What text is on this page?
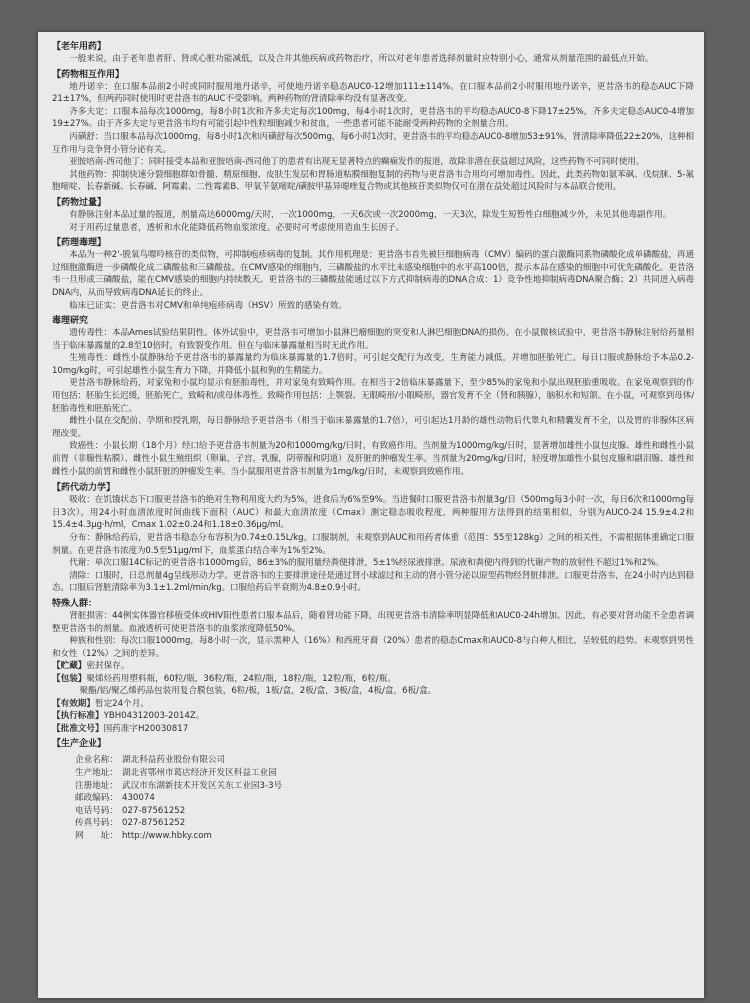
【老年用药】

一般来说，由于老年患者肝、肾或心脏功能减低，以及合并其他疾病或药物治疗，所以对老年患者选择剂量时应特别小心，通常从剂量范围的最低点开始。

【药物相互作用】

地丹诺辛：在口服本品前2小时或同时服用地丹诺辛，可使地丹诺辛稳态AUC0-12增加111±114%。在口服本品前2小时服用地丹诺辛，更昔洛韦的稳态AUC下降21±17%，但两药同时使用时更昔洛韦的AUC不受影响。两种药物的肾清除率均没有显著改变。

齐多夫定：口服本品每次1000mg，每8小时1次和齐多夫定每次100mg，每4小时1次时，更昔洛韦的平均稳态AUC0-8下降17±25%，齐多夫定稳态AUC0-4增加19±27%。由于齐多夫定与更昔洛韦均有可能引起中性粒细胞减少和贫血，一些患者可能不能耐受两种药物的全剂量合用。

丙磺舒：当口服本品每次1000mg，每8小时1次和丙磺舒每次500mg，每6小时1次时，更昔洛韦的平均稳态AUC0-8增加53±91%，肾清除率降低22±20%，这种相互作用与竞争肾小管分泌有关。

亚胺培南-西司他丁：同时接受本品和亚胺培南-西司他丁的患者有出现无显著特点的癫痫发作的报道，故除非潜在获益超过风险，这些药物不可同时使用。

其他药物：抑制快速分裂细胞群如骨髓、精原细胞、皮肤生发层和胃肠道粘膜细胞复制的药物与更昔洛韦合用均可增加毒性。因此，此类药物如氨苯砜、戊烷脒、5-氟胞嘧啶、长春新碱、长春碱、阿霉素、二性霉素B、甲氧苄氨嘧啶/磺胺甲基异噁唑复合物或其他核苷类似物仅可在潜在益处超过风险时与本品联合使用。

【药物过量】

有静脉注射本品过量的报道，剂量高达6000mg/天时，一次1000mg，一天6次或一次2000mg，一天3次，除发生短暂性白细胞减少外，未见其他毒副作用。

对于用药过量患者，透析和水化能降低药物血浆浓度。必要时可考虑使用造血生长因子。

【药理毒理】

本品为一种2'-脱氧鸟嘌呤核苷的类似物，可抑制疱疹病毒的复制。其作用机理是：更昔洛韦首先被巨细胞病毒（CMV）编码的蛋白激酶同系物磷酸化成单磷酸盐，再通过细胞激酶进一步磷酸化成二磷酸盐和三磷酸盐。在CMV感染的细胞内，三磷酸盐的水平比未感染细胞中的水平高100倍，提示本品在感染的细胞中可优先磷酸化。更昔洛韦一旦形成三磷酸盐，能在CMV感染的细胞内持续数天。更昔洛韦的三磷酸盐能通过以下方式抑制病毒的DNA合成：1）竞争性地抑制病毒DNA聚合酶；2）共同进入病毒DNA内，从而导致病毒DNA延长的终止。

临床已证实：更昔洛韦对CMV和单纯疱疹病毒（HSV）所致的感染有效。

毒理研究

遗传毒性：本品Ames试验结果阴性。体外试验中，更昔洛韦可增加小鼠淋巴瘤细胞的突变和人淋巴细胞DNA的损伤。在小鼠微核试验中，更昔洛韦静脉注射给药量相当于临床暴露量的2.8至10倍时，有致裂变作用。但在与临床暴露量相当时无此作用。

生殖毒性：雌性小鼠静脉给予更昔洛韦的暴露量约为临床暴露量的1.7倍时，可引起交配行为改变，生育能力减低，并增加胚胎死亡。每日口服或静脉给予本品0.2-10mg/kg时，可引起雄性小鼠生育力下降，并降低小鼠和狗的生精能力。

更昔洛韦静脉给药，对家兔和小鼠均显示有胚胎毒性，并对家兔有致畸作用。在相当于2倍临床暴露量下，至少85%的家兔和小鼠出现胚胎重吸收。在家兔观察到的作用包括：胚胎生长迟缓，胚胎死亡，致畸和/或母体毒性。致畸作用包括：上颚裂、无眼畸形/小眼畸形，器官发育不全（肾和胰腺），脑积水和短颌。在小鼠，可观察到母体/胚胎毒性和胚胎死亡。

雌性小鼠在交配前、孕期和授乳期，每日静脉给予更昔洛韦（相当于临床暴露量的1.7倍），可引起达1月龄的雄性动物后代睾丸和精囊发育不全，以及胃的非腺体区病理改变。

致癌性：小鼠长期（18个月）经口给予更昔洛韦剂量为20和1000mg/kg/日时，有致癌作用。当剂量为1000mg/kg/日时，显著增加雄性小鼠包皮腺、雄性和雌性小鼠前胃（非腺性粘膜）、雌性小鼠生殖组织（卵巢，子宫，乳腺，阴蒂腺和阴道）及肝脏的肿瘤发生率。当剂量为20mg/kg/日时，轻度增加雄性小鼠包皮腺和副泪腺、雄性和雌性小鼠的前胃和雌性小鼠肝脏的肿瘤发生率。当小鼠服用更昔洛韦剂量为1mg/kg/日时，未观察到致癌作用。

【药代动力学】

吸收：在饥饿状态下口服更昔洛韦的绝对生物利用度大约为5%，进食后为6%至9%。当进餐时口服更昔洛韦剂量3g/日（500mg每3小时一次，每日6次和1000mg每日3次），用24小时血清浓度时间曲线下面积（AUC）和最大血清浓度（Cmax）测定稳态吸收程度，两种服用方法得到的结果相似，分别为AUC0-24 15.9±4.2和15.4±4.3μg·h/ml，Cmax 1.02±0.24和1.18±0.36μg/ml。

分布：静脉给药后，更昔洛韦稳态分布容积为0.74±0.15L/kg。口服制剂，未观察到AUC和用药者体重（范围：55至128kg）之间的相关性，不需根据体重确定口服剂量。在更昔洛韦浓度为0.5至51μg/ml下，血浆蛋白结合率为1%至2%。

代谢：单次口服14C标记的更昔洛韦1000mg后，86±3%的服用量经粪便排泄，5±1%经尿液排泄。尿液和粪便内得到的代谢产物的放射性不超过1%和2%。

清除：口服时，日总剂量4g呈线形动力学。更昔洛韦的主要排泄途径是通过肾小球滤过和主动的肾小管分泌以原型药物经肾脏排泄。口服更昔洛韦，在24小时内达到稳态。口服后肾脏清除率为3.1±1.2ml/min/kg。口服给药后半衰期为4.8±0.9小时。

特殊人群：

肾脏损害：44例实体器官移植受体或HIV阳性患者口服本品后，随着肾功能下降，出现更昔洛韦清除率明显降低和AUC0-24h增加。因此，有必要对肾功能不全患者调整更昔洛韦的剂量。血液透析可使更昔洛韦的血浆浓度降低50%。

种族和性别：每次口服1000mg，每8小时一次，显示黑种人（16%）和西班牙裔（20%）患者的稳态Cmax和AUC0-8与白种人相比，呈较低的趋势。未观察到男性和女性（12%）之间的差异。

【贮藏】密封保存。

【包装】聚烯烃药用塑料瓶，60粒/瓶，36粒/瓶，24粒/瓶，18粒/瓶，12粒/瓶，6粒/瓶。

聚酯/铝/聚乙烯药品包装用复合膜包装，6粒/板，1板/盒，2板/盒，3板/盒，4板/盒，6板/盒。

【有效期】暂定24个月。

【执行标准】YBH04312003-2014Z。

【批准文号】国药准字H20030817

【生产企业】
企业名称： 湖北科益药业股份有限公司
生产地址： 湖北省鄂州市葛店经济开发区科益工业园
注册地址： 武汉市东湖新技术开发区关东工业园3-3号
邮政编码： 430074
电话号码： 027-87561252
传真号码： 027-87561252
网　　址： http://www.hbky.com
